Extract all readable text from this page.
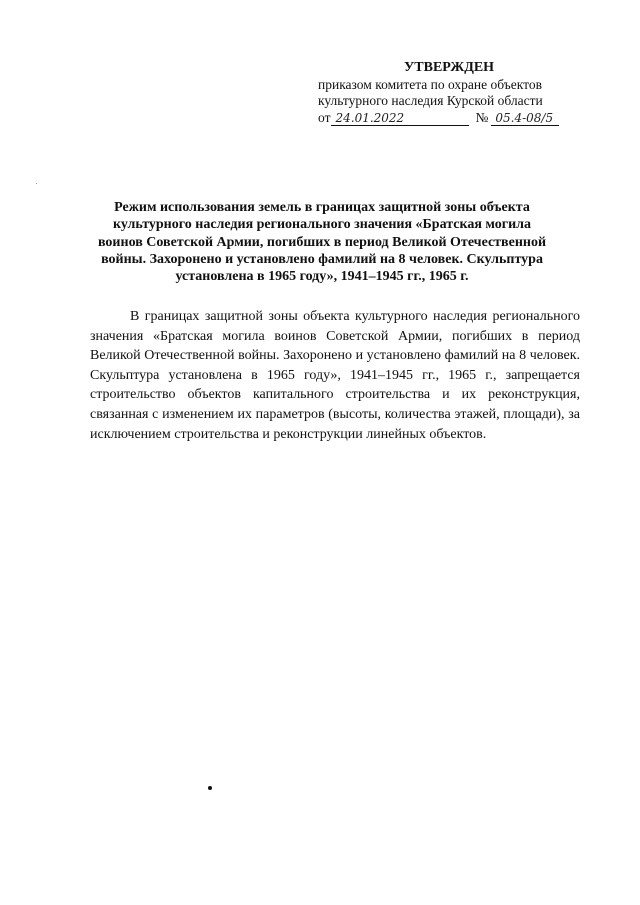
УТВЕРЖДЕН
приказом комитета по охране объектов
культурного наследия Курской области
от 24.01.2022	№ 05.4-08/5
Режим использования земель в границах защитной зоны объекта культурного наследия регионального значения «Братская могила воинов Советской Армии, погибших в период Великой Отечественной войны. Захоронено и установлено фамилий на 8 человек. Скульптура установлена в 1965 году», 1941–1945 гг., 1965 г.
В границах защитной зоны объекта культурного наследия регионального значения «Братская могила воинов Советской Армии, погибших в период Великой Отечественной войны. Захоронено и установлено фамилий на 8 человек. Скульптура установлена в 1965 году», 1941–1945 гг., 1965 г., запрещается строительство объектов капитального строительства и их реконструкция, связанная с изменением их параметров (высоты, количества этажей, площади), за исключением строительства и реконструкции линейных объектов.
